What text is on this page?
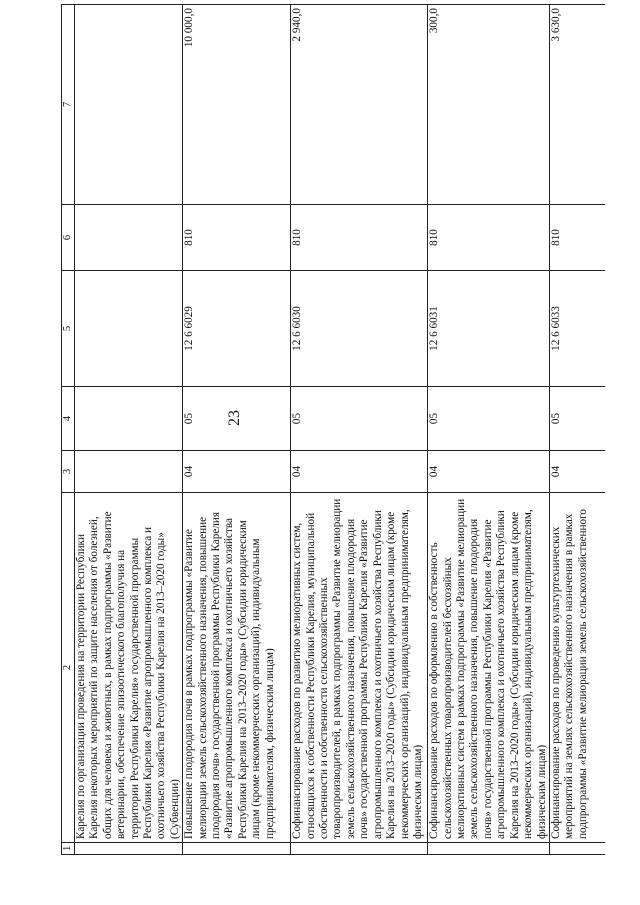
23
1	2	3	4	5	6	7
	Карелия по организации проведения на территории Республики Карелия некоторых мероприятий по защите населения от болезней, общих для человека и животных, в рамках подпрограммы «Развитие ветеринарии, обеспечение эпизоотического благополучия на территории Республики Карелия» государственной программы Республики Карелия «Развитие агропромышленного комплекса и охотничьего хозяйства Республики Карелия на 2013–2020 годы» (Субвенции)					
	Повышение плодородия почв в рамках подпрограммы «Развитие мелиорации земель сельскохозяйственного назначения, повышение плодородия почв» государственной программы Республики Карелия «Развитие агропромышленного комплекса и охотничьего хозяйства Республики Карелия на 2013–2020 годы» (Субсидии юридическим лицам (кроме некоммерческих организаций), индивидуальным предпринимателям, физическим лицам)	04	05	12 6 6029	810	10 000,0
	Софинансирование расходов по развитию мелиоративных систем, относящихся к собственности Республики Карелия, муниципальной собственности и собственности сельскохозяйственных товаропроизводителей, в рамках подпрограммы «Развитие мелиорации земель сельскохозяйственного назначения, повышение плодородия почв» государственной программы Республики Карелия «Развитие агропромышленного комплекса и охотничьего хозяйства Республики Карелия на 2013–2020 годы» (Субсидии юридическим лицам (кроме некоммерческих организаций), индивидуальным предпринимателям, физическим лицам)	04	05	12 6 6030	810	2 940,0
	Софинансирование расходов по оформлению в собственность сельскохозяйственных товаропроизводителей бесхозяйных мелиоративных систем в рамках подпрограммы «Развитие мелиорации земель сельскохозяйственного назначения, повышение плодородия почв» государственной программы Республики Карелия «Развитие агропромышленного комплекса и охотничьего хозяйства Республики Карелия на 2013–2020 годы» (Субсидии юридическим лицам (кроме некоммерческих организаций), индивидуальным предпринимателям, физическим лицам)	04	05	12 6 6031	810	300,0
	Софинансирование расходов по проведению культуртехнических мероприятий на землях сельскохозяйственного назначения в рамках подпрограммы «Развитие мелиорации земель сельскохозяйственного	04	05	12 6 6033	810	3 630,0
